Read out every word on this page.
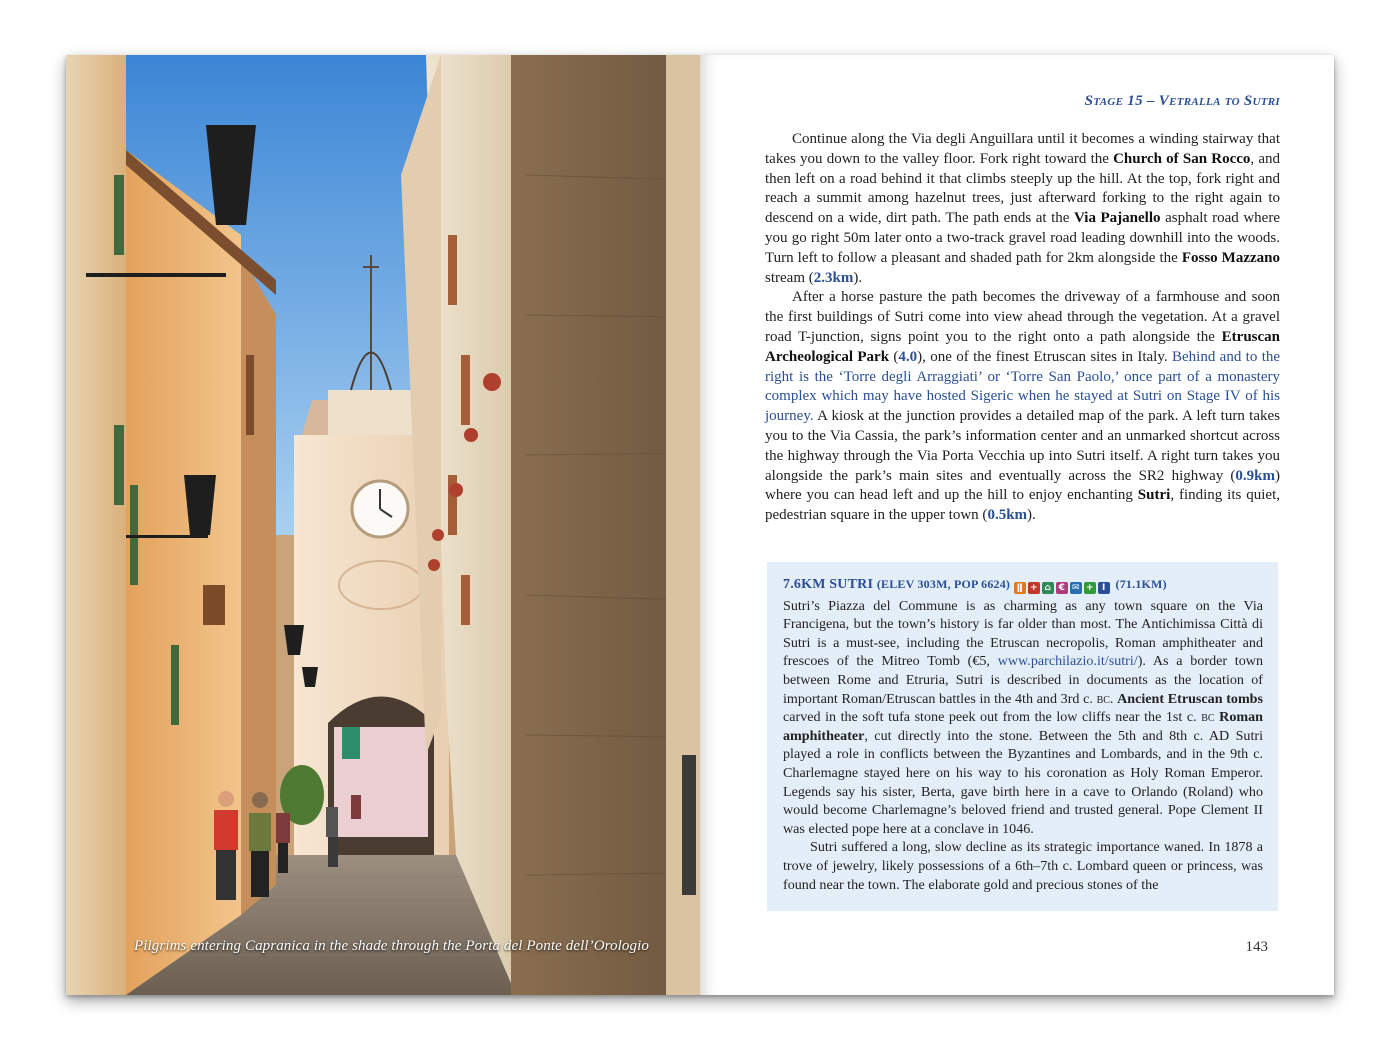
Pilgrims entering Capranica in the shade through the Porta del Ponte dell’Orologio
Stage 15 – Vetralla to Sutri

Continue along the Via degli Anguillara until it becomes a winding stairway that takes you down to the valley floor. Fork right toward the Church of San Rocco, and then left on a road behind it that climbs steeply up the hill. At the top, fork right and reach a summit among hazelnut trees, just afterward forking to the right again to descend on a wide, dirt path. The path ends at the Via Pajanello asphalt road where you go right 50m later onto a two-track gravel road leading downhill into the woods. Turn left to follow a pleasant and shaded path for 2km alongside the Fosso Mazzano stream (2.3km).

After a horse pasture the path becomes the driveway of a farmhouse and soon the first buildings of Sutri come into view ahead through the vegetation. At a gravel road T-junction, signs point you to the right onto a path alongside the Etruscan Archeological Park (4.0), one of the finest Etruscan sites in Italy. Behind and to the right is the ‘Torre degli Arraggiati’ or ‘Torre San Paolo,’ once part of a monastery complex which may have hosted Sigeric when he stayed at Sutri on Stage IV of his journey. A kiosk at the junction provides a detailed map of the park. A left turn takes you to the Via Cassia, the park’s information center and an unmarked shortcut across the highway through the Via Porta Vecchia up into Sutri itself. A right turn takes you alongside the park’s main sites and eventually across the SR2 highway (0.9km) where you can head left and up the hill to enjoy enchanting Sutri, finding its quiet, pedestrian square in the upper town (0.5km).

7.6KM SUTRI (ELEV 303M, POP 6624) ǁ + ⌂ € ✉ + I (71.1KM)

Sutri’s Piazza del Commune is as charming as any town square on the Via Francigena, but the town’s history is far older than most. The Antichimissa Città di Sutri is a must-see, including the Etruscan necropolis, Roman amphitheater and frescoes of the Mitreo Tomb (€5, www.parchilazio.it/sutri/). As a border town between Rome and Etruria, Sutri is described in documents as the location of important Roman/Etruscan battles in the 4th and 3rd c. bc. Ancient Etruscan tombs carved in the soft tufa stone peek out from the low cliffs near the 1st c. bc Roman amphitheater, cut directly into the stone. Between the 5th and 8th c. AD Sutri played a role in conflicts between the Byzantines and Lombards, and in the 9th c. Charlemagne stayed here on his way to his coronation as Holy Roman Emperor. Legends say his sister, Berta, gave birth here in a cave to Orlando (Roland) who would become Charlemagne’s beloved friend and trusted general. Pope Clement II was elected pope here at a conclave in 1046.

Sutri suffered a long, slow decline as its strategic importance waned. In 1878 a trove of jewelry, likely possessions of a 6th–7th c. Lombard queen or princess, was found near the town. The elaborate gold and precious stones of the

143
